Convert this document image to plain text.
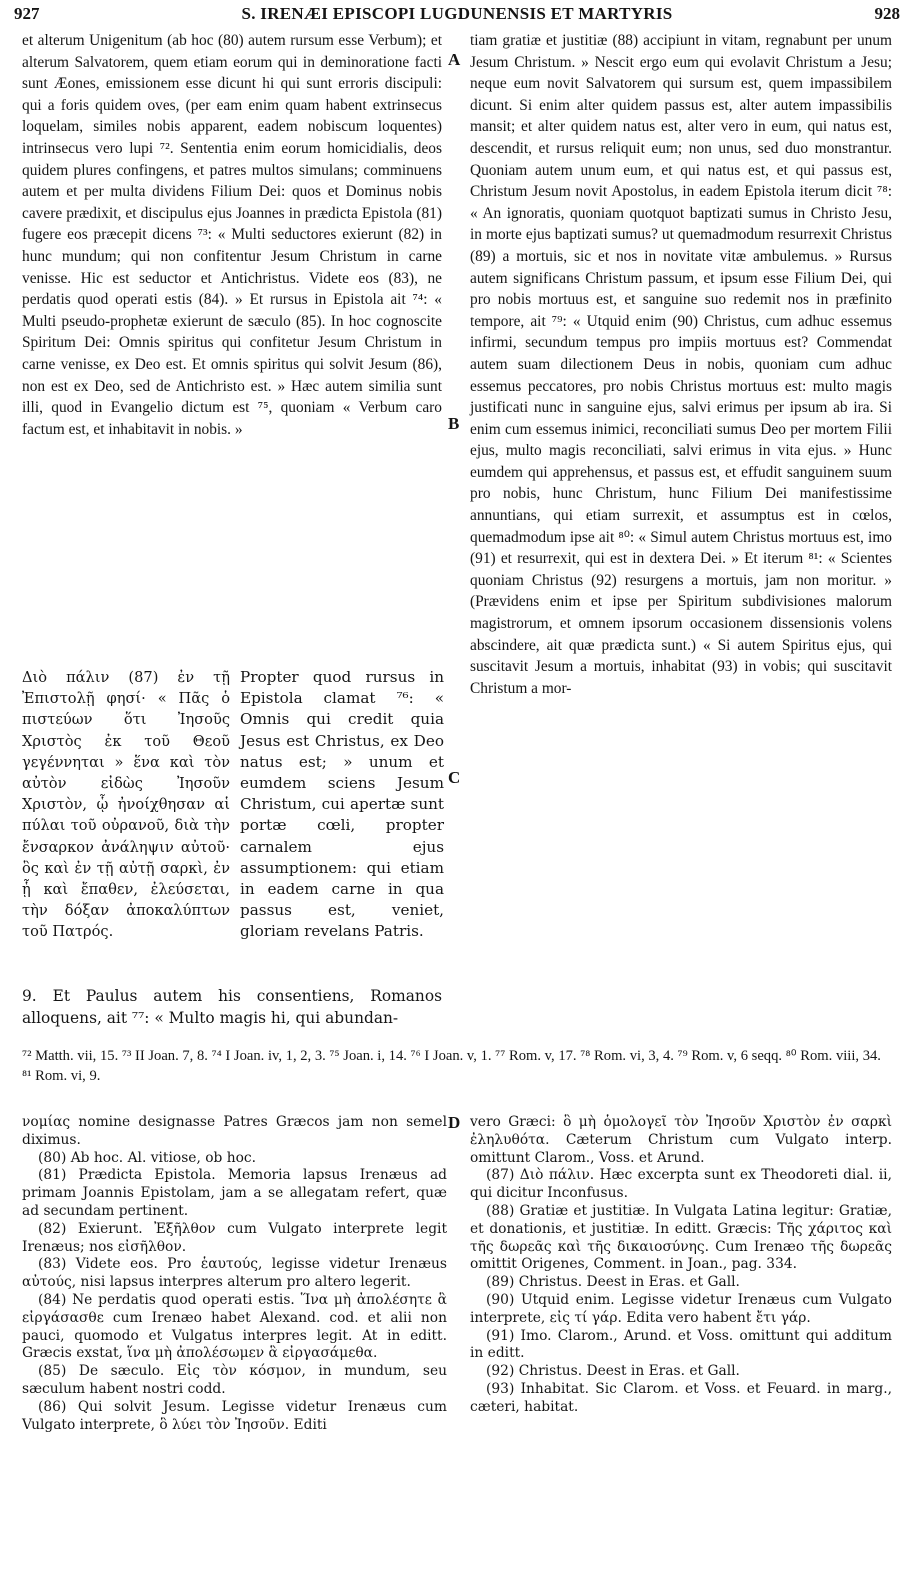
927	S. IRENÆI EPISCOPI LUGDUNENSIS ET MARTYRIS	928

et alterum Unigenitum (ab hoc (80) autem rursum esse Verbum); et alterum Salvatorem, quem etiam eorum qui in deminoratione facti sunt Æones, emissionem esse dicunt hi qui sunt erroris discipuli: qui a foris quidem oves, (per eam enim quam habent extrinsecus loquelam, similes nobis apparent, eadem nobiscum loquentes) intrinsecus vero lupi ⁷². Sententia enim eorum homicidialis, deos quidem plures confingens, et patres multos simulans; comminuens autem et per multa dividens Filium Dei: quos et Dominus nobis cavere prædixit, et discipulus ejus Joannes in prædicta Epistola (81) fugere eos præcepit dicens ⁷³: « Multi seductores exierunt (82) in hunc mundum; qui non confitentur Jesum Christum in carne venisse. Hic est seductor et Antichristus. Videte eos (83), ne perdatis quod operati estis (84). » Et rursus in Epistola ait ⁷⁴: « Multi pseudo-prophetæ exierunt de sæculo (85). In hoc cognoscite Spiritum Dei: Omnis spiritus qui confitetur Jesum Christum in carne venisse, ex Deo est. Et omnis spiritus qui solvit Jesum (86), non est ex Deo, sed de Antichristo est. » Hæc autem similia sunt illi, quod in Evangelio dictum est ⁷⁵, quoniam « Verbum caro factum est, et inhabitavit in nobis. »

Διὸ πάλιν (87) ἐν τῇ Ἐπιστολῇ φησί· « Πᾶς ὁ πιστεύων ὅτι Ἰησοῦς Χριστὸς ἐκ τοῦ Θεοῦ γεγέννηται » ἕνα καὶ τὸν αὐτὸν εἰδὼς Ἰησοῦν Χριστὸν, ᾧ ἠνοίχθησαν αἱ πύλαι τοῦ οὐρανοῦ, διὰ τὴν ἔνσαρκον ἀνάληψιν αὐτοῦ· ὃς καὶ ἐν τῇ αὐτῇ σαρκὶ, ἐν ᾗ καὶ ἔπαθεν, ἐλεύσεται, τὴν δόξαν ἀποκαλύπτων τοῦ Πατρός.

Propter quod rursus in Epistola clamat ⁷⁶: « Omnis qui credit quia Jesus est Christus, ex Deo natus est; » unum et eumdem sciens Jesum Christum, cui apertæ sunt portæ cœli, propter carnalem ejus assumptionem: qui etiam in eadem carne in qua passus est, veniet, gloriam revelans Patris.

9. Et Paulus autem his consentiens, Romanos alloquens, ait ⁷⁷: « Multo magis hi, qui abundan-

tiam gratiæ et justitiæ (88) accipiunt in vitam, regnabunt per unum Jesum Christum. » Nescit ergo eum qui evolavit Christum a Jesu; neque eum novit Salvatorem qui sursum est, quem impassibilem dicunt. Si enim alter quidem passus est, alter autem impassibilis mansit; et alter quidem natus est, alter vero in eum, qui natus est, descendit, et rursus reliquit eum; non unus, sed duo monstrantur. Quoniam autem unum eum, et qui natus est, et qui passus est, Christum Jesum novit Apostolus, in eadem Epistola iterum dicit ⁷⁸: « An ignoratis, quoniam quotquot baptizati sumus in Christo Jesu, in morte ejus baptizati sumus? ut quemadmodum resurrexit Christus (89) a mortuis, sic et nos in novitate vitæ ambulemus. » Rursus autem significans Christum passum, et ipsum esse Filium Dei, qui pro nobis mortuus est, et sanguine suo redemit nos in præfinito tempore, ait ⁷⁹: « Utquid enim (90) Christus, cum adhuc essemus infirmi, secundum tempus pro impiis mortuus est? Commendat autem suam dilectionem Deus in nobis, quoniam cum adhuc essemus peccatores, pro nobis Christus mortuus est: multo magis justificati nunc in sanguine ejus, salvi erimus per ipsum ab ira. Si enim cum essemus inimici, reconciliati sumus Deo per mortem Filii ejus, multo magis reconciliati, salvi erimus in vita ejus. » Hunc eumdem qui apprehensus, et passus est, et effudit sanguinem suum pro nobis, hunc Christum, hunc Filium Dei manifestissime annuntians, qui etiam surrexit, et assumptus est in cœlos, quemadmodum ipse ait ⁸⁰: « Simul autem Christus mortuus est, imo (91) et resurrexit, qui est in dextera Dei. » Et iterum ⁸¹: « Scientes quoniam Christus (92) resurgens a mortuis, jam non moritur. » (Prævidens enim et ipse per Spiritum subdivisiones malorum magistrorum, et omnem ipsorum occasionem dissensionis volens abscindere, ait quæ prædicta sunt.) « Si autem Spiritus ejus, qui suscitavit Jesum a mortuis, inhabitat (93) in vobis; qui suscitavit Christum a mor-

A
B
C
D

⁷² Matth. vii, 15. ⁷³ II Joan. 7, 8. ⁷⁴ I Joan. iv, 1, 2, 3. ⁷⁵ Joan. i, 14. ⁷⁶ I Joan. v, 1. ⁷⁷ Rom. v, 17. ⁷⁸ Rom. vi, 3, 4. ⁷⁹ Rom. v, 6 seqq. ⁸⁰ Rom. viii, 34. ⁸¹ Rom. vi, 9.

νομίας nomine designasse Patres Græcos jam non semel diximus.

(80) Ab hoc. Al. vitiose, ob hoc.

(81) Prædicta Epistola. Memoria lapsus Irenæus ad primam Joannis Epistolam, jam a se allegatam refert, quæ ad secundam pertinent.

(82) Exierunt. Ἐξῆλθον cum Vulgato interprete legit Irenæus; nos εἰσῆλθον.

(83) Videte eos. Pro ἑαυτούς, legisse videtur Irenæus αὐτούς, nisi lapsus interpres alterum pro altero legerit.

(84) Ne perdatis quod operati estis. Ἵνα μὴ ἀπολέσητε ἃ εἰργάσασθε cum Irenæo habet Alexand. cod. et alii non pauci, quomodo et Vulgatus interpres legit. At in editt. Græcis exstat, ἵνα μὴ ἀπολέσωμεν ἃ εἰργασάμεθα.

(85) De sæculo. Εἰς τὸν κόσμον, in mundum, seu sæculum habent nostri codd.

(86) Qui solvit Jesum. Legisse videtur Irenæus cum Vulgato interprete, ὃ λύει τὸν Ἰησοῦν. Editi

vero Græci: ὃ μὴ ὁμολογεῖ τὸν Ἰησοῦν Χριστὸν ἐν σαρκὶ ἐληλυθότα. Cæterum Christum cum Vulgato interp. omittunt Clarom., Voss. et Arund.

(87) Διὸ πάλιν. Hæc excerpta sunt ex Theodoreti dial. ii, qui dicitur Inconfusus.

(88) Gratiæ et justitiæ. In Vulgata Latina legitur: Gratiæ, et donationis, et justitiæ. In editt. Græcis: Τῆς χάριτος καὶ τῆς δωρεᾶς καὶ τῆς δικαιοσύνης. Cum Irenæo τῆς δωρεᾶς omittit Origenes, Comment. in Joan., pag. 334.

(89) Christus. Deest in Eras. et Gall.

(90) Utquid enim. Legisse videtur Irenæus cum Vulgato interprete, εἰς τί γάρ. Edita vero habent ἔτι γάρ.

(91) Imo. Clarom., Arund. et Voss. omittunt qui additum in editt.

(92) Christus. Deest in Eras. et Gall.

(93) Inhabitat. Sic Clarom. et Voss. et Feuard. in marg., cæteri, habitat.
